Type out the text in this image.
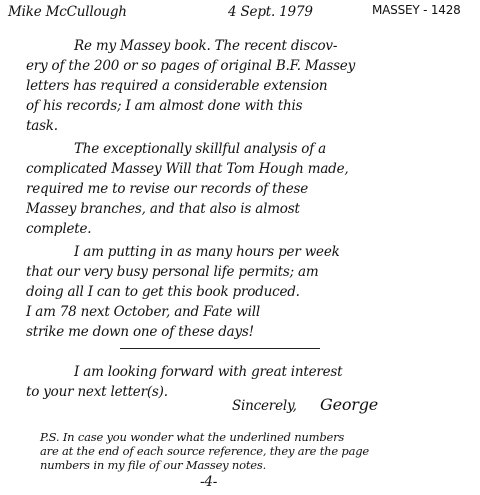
Mike McCullough	4 Sept. 1979	MASSEY - 1428
Re my Massey book. The recent discov-
ery of the 200 or so pages of original B.F. Massey
letters has required a considerable extension
of his records; I am almost done with this
task.
The exceptionally skillful analysis of a
complicated Massey Will that Tom Hough made,
required me to revise our records of these
Massey branches, and that also is almost
complete.
I am putting in as many hours per week
that our very busy personal life permits; am
doing all I can to get this book produced.
I am 78 next October, and Fate will
strike me down one of these days!
I am looking forward with great interest
to your next letter(s).
Sincerely, George
P.S. In case you wonder what the underlined numbers
are at the end of each source reference, they are the page
numbers in my file of our Massey notes.
-4-
